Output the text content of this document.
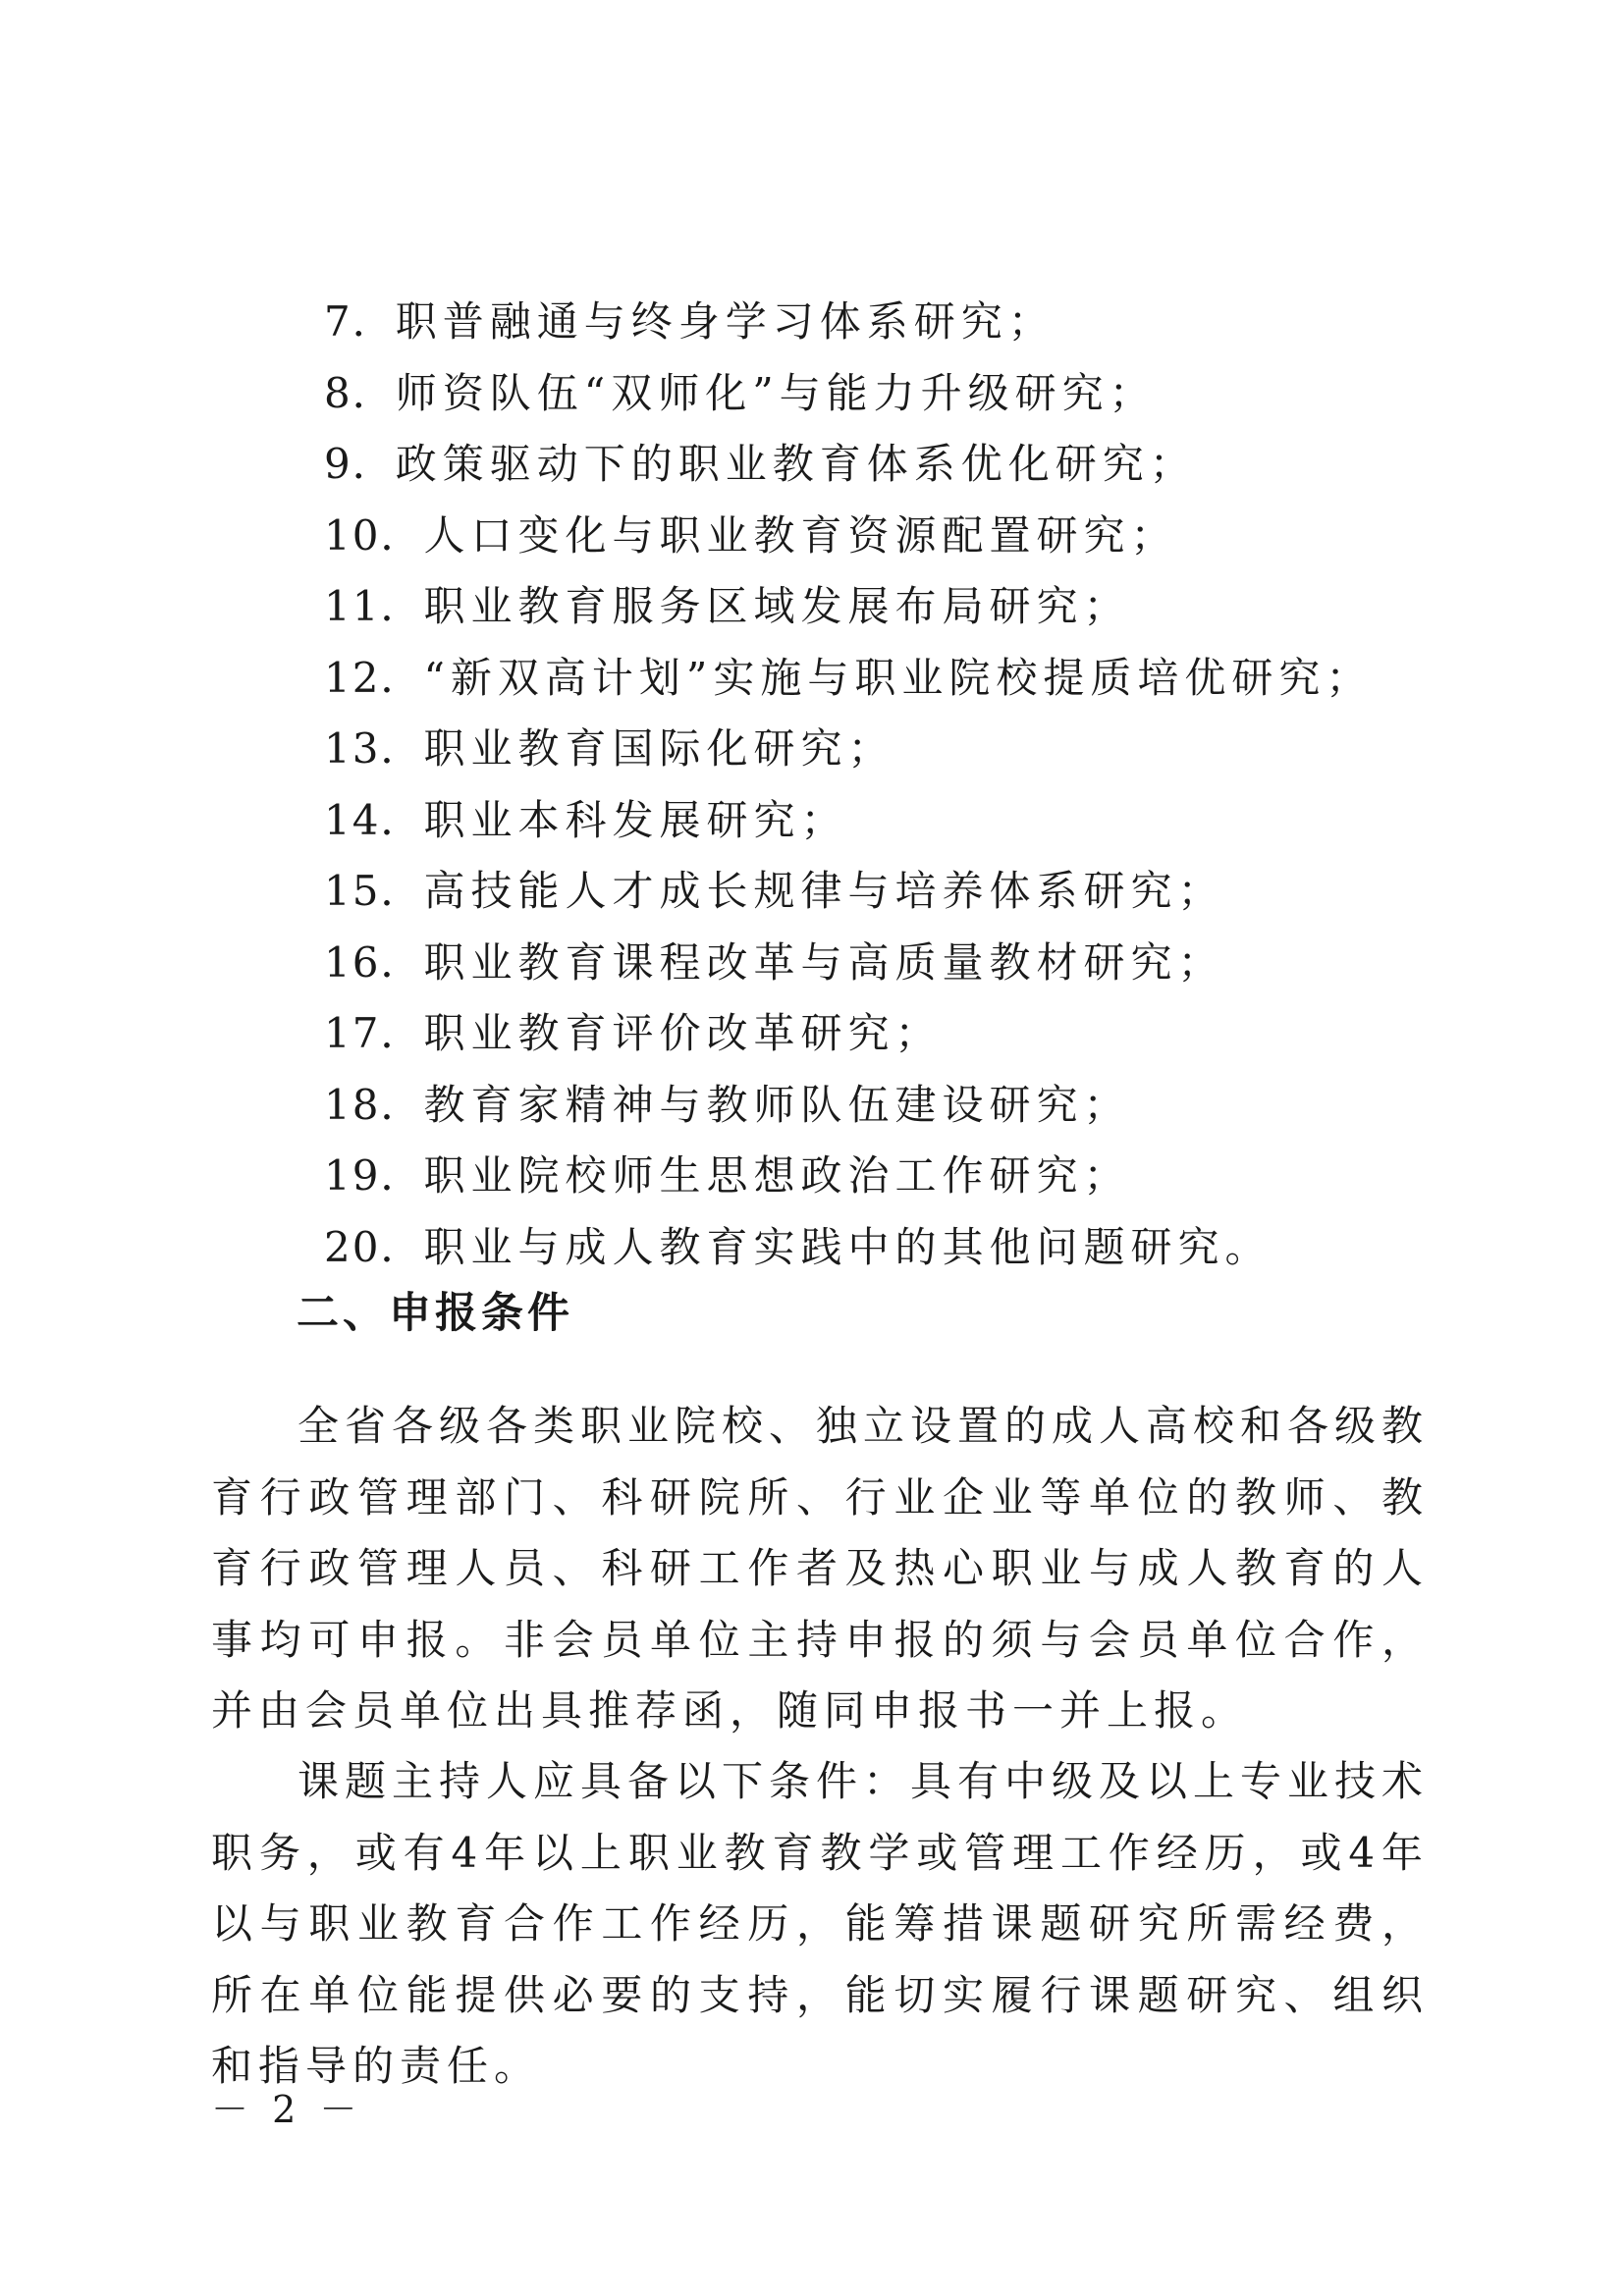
7．职普融通与终身学习体系研究；
8．师资队伍“双师化”与能力升级研究；
9．政策驱动下的职业教育体系优化研究；
10．人口变化与职业教育资源配置研究；
11．职业教育服务区域发展布局研究；
12．“新双高计划”实施与职业院校提质培优研究；
13．职业教育国际化研究；
14．职业本科发展研究；
15．高技能人才成长规律与培养体系研究；
16．职业教育课程改革与高质量教材研究；
17．职业教育评价改革研究；
18．教育家精神与教师队伍建设研究；
19．职业院校师生思想政治工作研究；
20．职业与成人教育实践中的其他问题研究。
二、申报条件

全省各级各类职业院校、独立设置的成人高校和各级教育行政管理部门、科研院所、行业企业等单位的教师、教育行政管理人员、科研工作者及热心职业与成人教育的人事均可申报。非会员单位主持申报的须与会员单位合作，并由会员单位出具推荐函，随同申报书一并上报。

课题主持人应具备以下条件：具有中级及以上专业技术职务，或有4年以上职业教育教学或管理工作经历，或4年以与职业教育合作工作经历，能筹措课题研究所需经费，所在单位能提供必要的支持，能切实履行课题研究、组织和指导的责任。

－ 2 －
